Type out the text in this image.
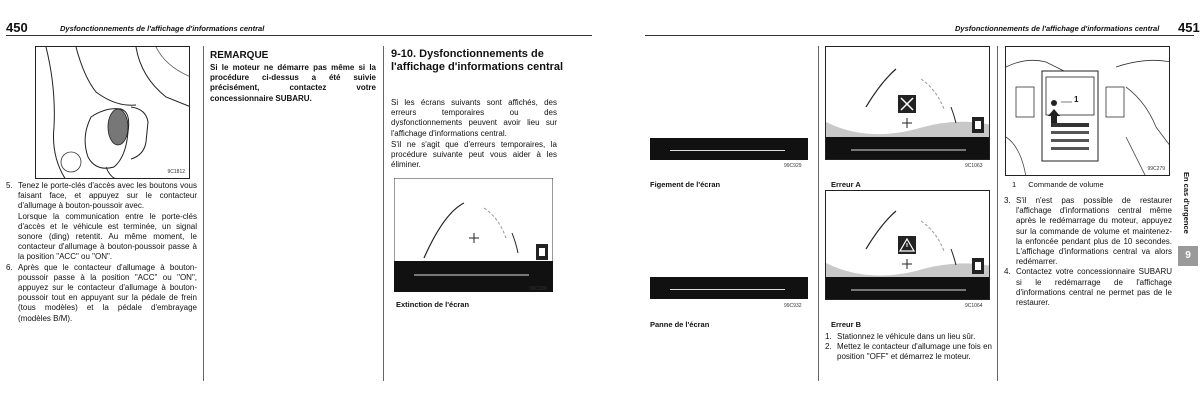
450	Dysfonctionnements de l'affichage d'informations central
9C1812
5. Tenez le porte-clés d'accès avec les boutons vous faisant face, et appuyez sur le contacteur d'allumage à bouton-poussoir avec.
Lorsque la communication entre le porte-clés d'accès et le véhicule est terminée, un signal sonore (ding) retentit. Au même moment, le contacteur d'allumage à bouton-poussoir passe à la position "ACC" ou "ON".
6. Après que le contacteur d'allumage à bouton-poussoir passe à la position "ACC" ou "ON", appuyez sur le contacteur d'allumage à bouton-poussoir tout en appuyant sur la pédale de frein (tous modèles) et la pédale d'embrayage (modèles B/M).
REMARQUE
Si le moteur ne démarre pas même si la procédure ci-dessus a été suivie précisément, contactez votre concessionnaire SUBARU.
9-10. Dysfonctionnements de l'affichage d'informations central
Si les écrans suivants sont affichés, des erreurs temporaires ou des dysfonctionnements peuvent avoir lieu sur l'affichage d'informations central.
S'il ne s'agit que d'erreurs temporaires, la procédure suivante peut vous aider à les éliminer.
99C930
Extinction de l'écran
Dysfonctionnements de l'affichage d'informations central 451
99C929
Figement de l'écran
99C932
Panne de l'écran
9C1063
Erreur A
9C1064
Erreur B
1. Stationnez le véhicule dans un lieu sûr.
2. Mettez le contacteur d'allumage une fois en position "OFF" et démarrez le moteur.
1
99C279
1 Commande de volume
3. S'il n'est pas possible de restaurer l'affichage d'informations central même après le redémarrage du moteur, appuyez sur la commande de volume et maintenez-la enfoncée pendant plus de 10 secondes. L'affichage d'informations central va alors redémarrer.
4. Contactez votre concessionnaire SUBARU si le redémarrage de l'affichage d'informations central ne permet pas de le restaurer.
En cas d'urgence
9
